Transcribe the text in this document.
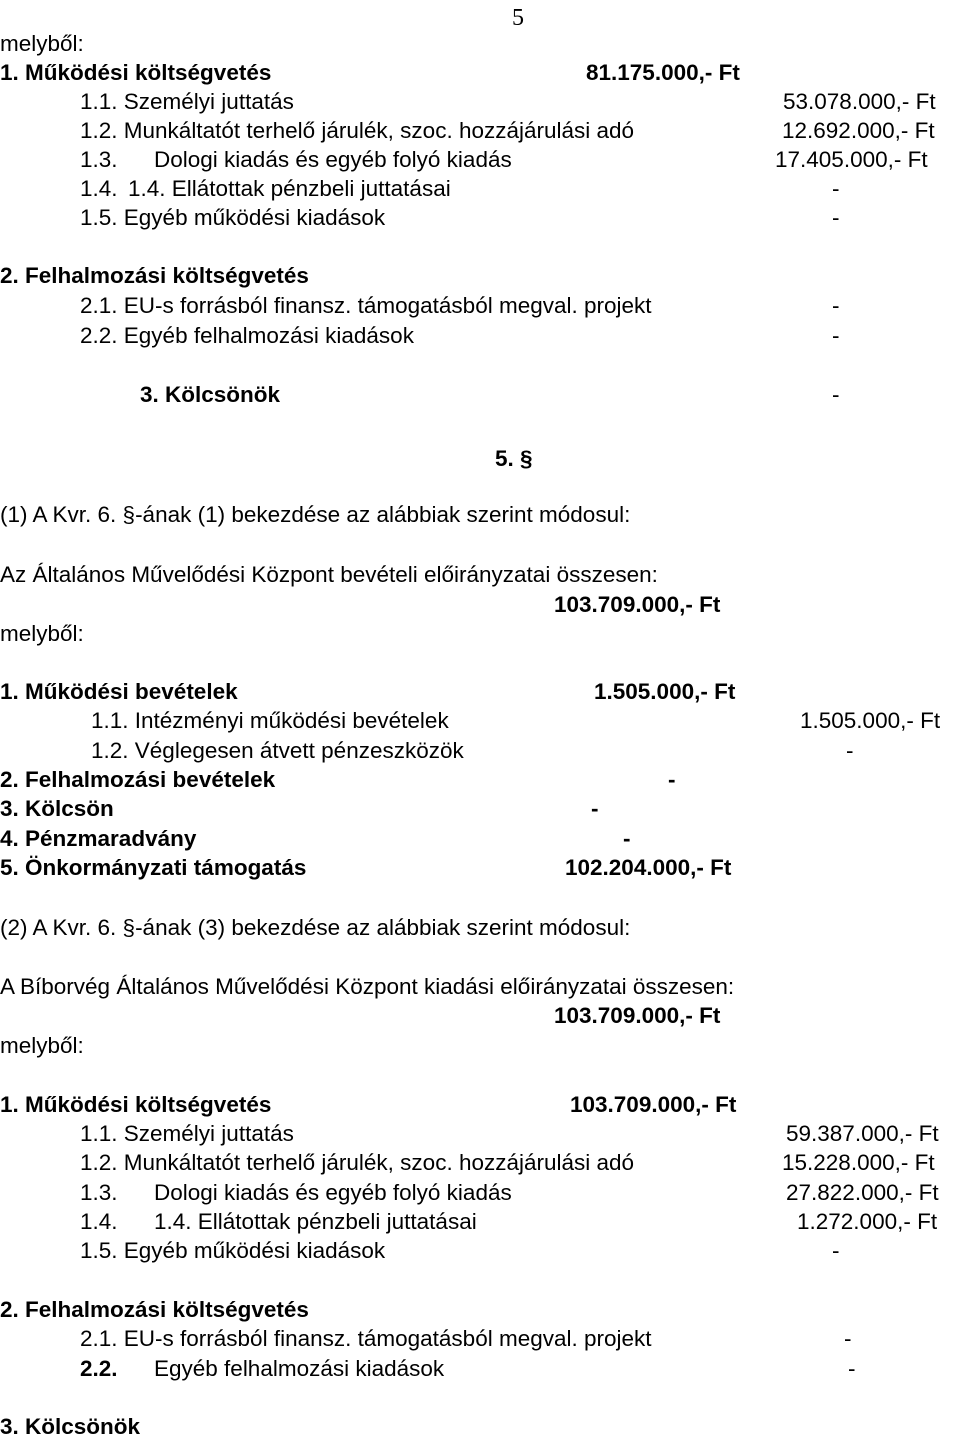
5
melyből:
1. Működési költségvetés	81.175.000,- Ft
1.1. Személyi juttatás	53.078.000,- Ft
1.2. Munkáltatót terhelő járulék, szoc. hozzájárulási adó	12.692.000,- Ft
1.3. Dologi kiadás és egyéb folyó kiadás	17.405.000,- Ft
1.4. 1.4. Ellátottak pénzbeli juttatásai	-
1.5. Egyéb működési kiadások	-
2. Felhalmozási költségvetés
2.1. EU-s forrásból finansz. támogatásból megval. projekt	-
2.2. Egyéb felhalmozási kiadások	-
3. Kölcsönök	-
5. §
(1) A Kvr. 6. §-ának (1) bekezdése az alábbiak szerint módosul:
Az Általános Művelődési Központ bevételi előirányzatai összesen:
103.709.000,- Ft
melyből:
1. Működési bevételek	1.505.000,- Ft
1.1. Intézményi működési bevételek	1.505.000,- Ft
1.2. Véglegesen átvett pénzeszközök	-
2. Felhalmozási bevételek	-
3. Kölcsön	-
4. Pénzmaradvány	-
5. Önkormányzati támogatás	102.204.000,- Ft
(2) A Kvr. 6. §-ának (3) bekezdése az alábbiak szerint módosul:
A Bíborvég Általános Művelődési Központ kiadási előirányzatai összesen:
103.709.000,- Ft
melyből:
1. Működési költségvetés	103.709.000,- Ft
1.1. Személyi juttatás	59.387.000,- Ft
1.2. Munkáltatót terhelő járulék, szoc. hozzájárulási adó	15.228.000,- Ft
1.3. Dologi kiadás és egyéb folyó kiadás	27.822.000,- Ft
1.4. 1.4. Ellátottak pénzbeli juttatásai	1.272.000,- Ft
1.5. Egyéb működési kiadások	-
2. Felhalmozási költségvetés
2.1. EU-s forrásból finansz. támogatásból megval. projekt	-
2.2. Egyéb felhalmozási kiadások	-
3. Kölcsönök
